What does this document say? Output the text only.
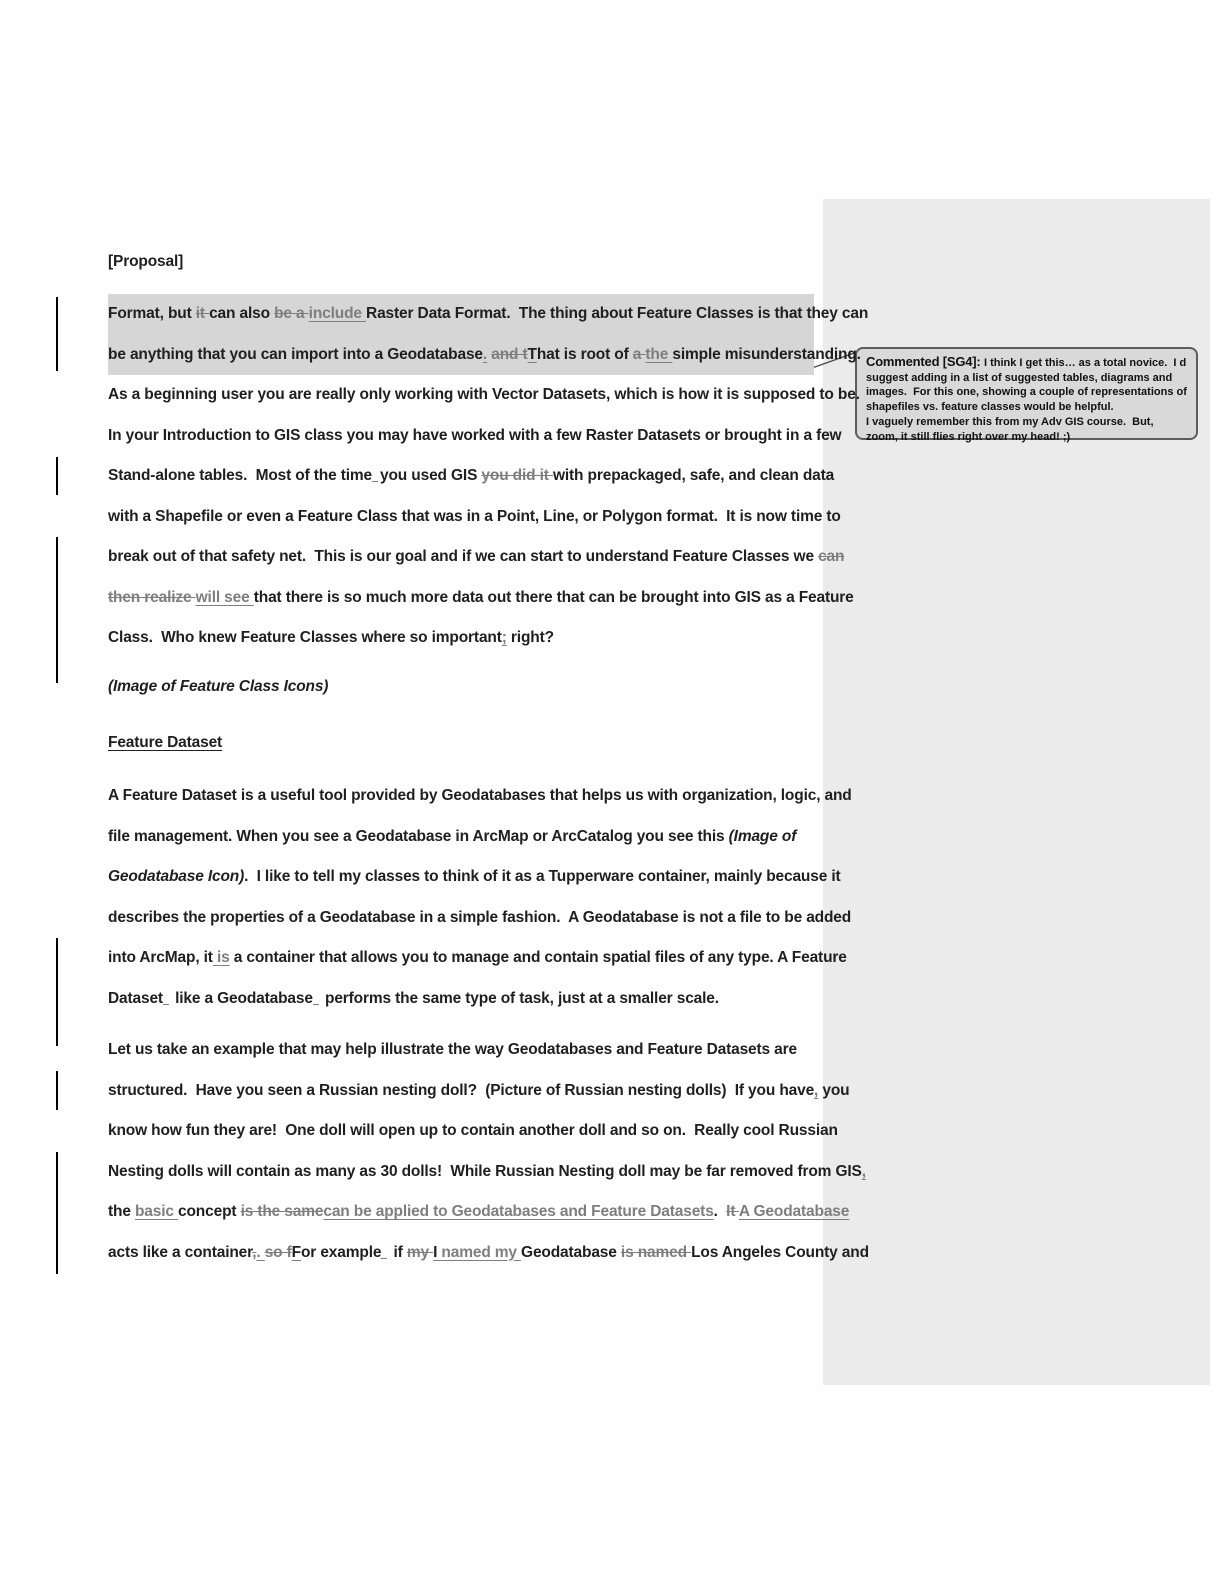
Commented [SG4]: I think I get this… as a total novice.  I d suggest adding in a list of suggested tables, diagrams and images.  For this one, showing a couple of representations of shapefiles vs. feature classes would be helpful.
I vaguely remember this from my Adv GIS course.  But, zoom, it still flies right over my head! ;)
[Proposal]
Format, but it can also be a include Raster Data Format.  The thing about Feature Classes is that they can
be anything that you can import into a Geodatabase. and tThat is root of a the simple misunderstanding.
As a beginning user you are really only working with Vector Datasets, which is how it is supposed to be.
In your Introduction to GIS class you may have worked with a few Raster Datasets or brought in a few
Stand-alone tables.  Most of the time you used GIS you did it with prepackaged, safe, and clean data
with a Shapefile or even a Feature Class that was in a Point, Line, or Polygon format.  It is now time to
break out of that safety net.  This is our goal and if we can start to understand Feature Classes we can
then realize will see that there is so much more data out there that can be brought into GIS as a Feature
Class.  Who knew Feature Classes where so important; right?
(Image of Feature Class Icons)
Feature Dataset
A Feature Dataset is a useful tool provided by Geodatabases that helps us with organization, logic, and
file management. When you see a Geodatabase in ArcMap or ArcCatalog you see this (Image of
Geodatabase Icon).  I like to tell my classes to think of it as a Tupperware container, mainly because it
describes the properties of a Geodatabase in a simple fashion.  A Geodatabase is not a file to be added
into ArcMap, it is a container that allows you to manage and contain spatial files of any type. A Feature
Dataset like a Geodatabase performs the same type of task, just at a smaller scale.
Let us take an example that may help illustrate the way Geodatabases and Feature Datasets are
structured.  Have you seen a Russian nesting doll?  (Picture of Russian nesting dolls)  If you have, you
know how fun they are!  One doll will open up to contain another doll and so on.  Really cool Russian
Nesting dolls will contain as many as 30 dolls!  While Russian Nesting doll may be far removed from GIS,
the basic concept is the samecan be applied to Geodatabases and Feature Datasets.  It A Geodatabase
acts like a container,. so fFor example if my I named my Geodatabase is named Los Angeles County and
